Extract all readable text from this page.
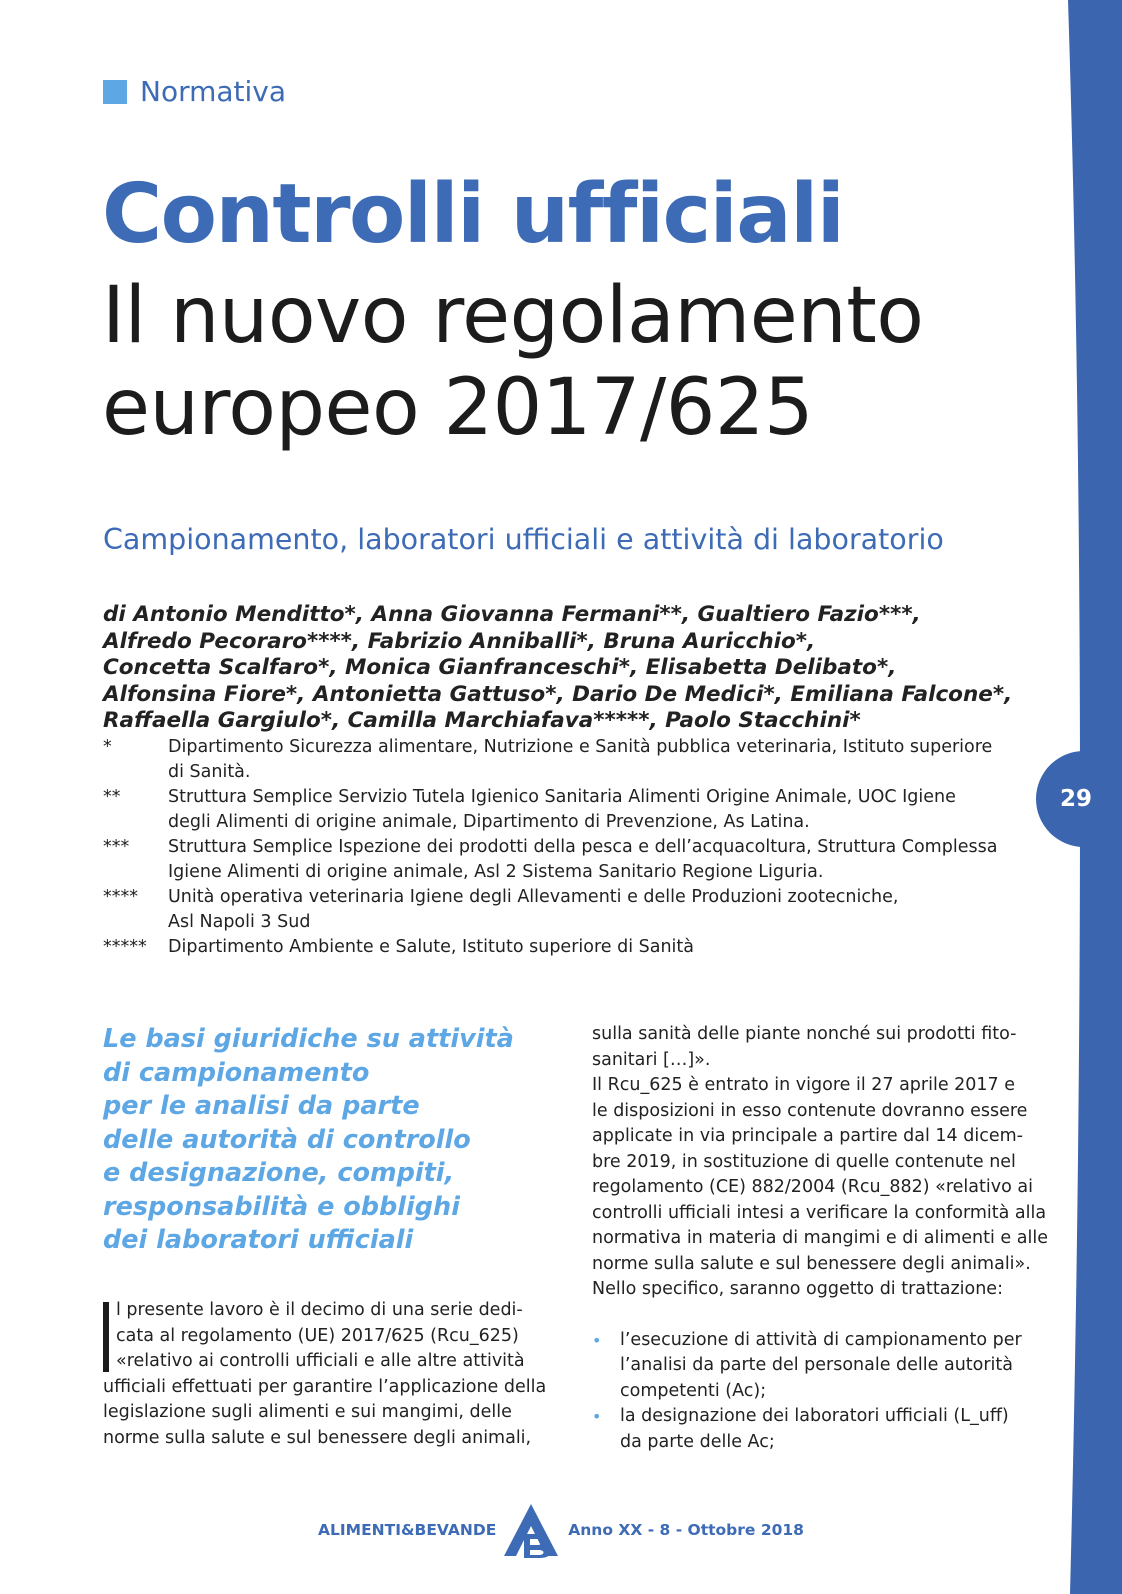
29
Normativa
Controlli ufficiali
Il nuovo regolamento
europeo 2017/625
Campionamento, laboratori ufficiali e attività di laboratorio
di Antonio Menditto*, Anna Giovanna Fermani**, Gualtiero Fazio***,
Alfredo Pecoraro****, Fabrizio Anniballi*, Bruna Auricchio*,
Concetta Scalfaro*, Monica Gianfranceschi*, Elisabetta Delibato*,
Alfonsina Fiore*, Antonietta Gattuso*, Dario De Medici*, Emiliana Falcone*,
Raffaella Gargiulo*, Camilla Marchiafava*****, Paolo Stacchini*
*	Dipartimento Sicurezza alimentare, Nutrizione e Sanità pubblica veterinaria, Istituto superiore
di Sanità.
**	Struttura Semplice Servizio Tutela Igienico Sanitaria Alimenti Origine Animale, UOC Igiene
degli Alimenti di origine animale, Dipartimento di Prevenzione, As Latina.
***	Struttura Semplice Ispezione dei prodotti della pesca e dell’acquacoltura, Struttura Complessa
Igiene Alimenti di origine animale, Asl 2 Sistema Sanitario Regione Liguria.
****	Unità operativa veterinaria Igiene degli Allevamenti e delle Produzioni zootecniche,
Asl Napoli 3 Sud
*****	Dipartimento Ambiente e Salute, Istituto superiore di Sanità
Le basi giuridiche su attività
di campionamento
per le analisi da parte
delle autorità di controllo
e designazione, compiti,
responsabilità e obblighi
dei laboratori ufficiali
l presente lavoro è il decimo di una serie dedi-
cata al regolamento (UE) 2017/625 (Rcu_625)
«relativo ai controlli ufficiali e alle altre attività
ufficiali effettuati per garantire l’applicazione della
legislazione sugli alimenti e sui mangimi, delle
norme sulla salute e sul benessere degli animali,
sulla sanità delle piante nonché sui prodotti fito-
sanitari […]».
Il Rcu_625 è entrato in vigore il 27 aprile 2017 e
le disposizioni in esso contenute dovranno essere
applicate in via principale a partire dal 14 dicem-
bre 2019, in sostituzione di quelle contenute nel
regolamento (CE) 882/2004 (Rcu_882) «relativo ai
controlli ufficiali intesi a verificare la conformità alla
normativa in materia di mangimi e di alimenti e alle
norme sulla salute e sul benessere degli animali».
Nello specifico, saranno oggetto di trattazione:
•	l’esecuzione di attività di campionamento per
l’analisi da parte del personale delle autorità
competenti (Ac);
•	la designazione dei laboratori ufficiali (L_uff)
da parte delle Ac;
ALIMENTI&BEVANDE	Anno XX - 8 - Ottobre 2018
